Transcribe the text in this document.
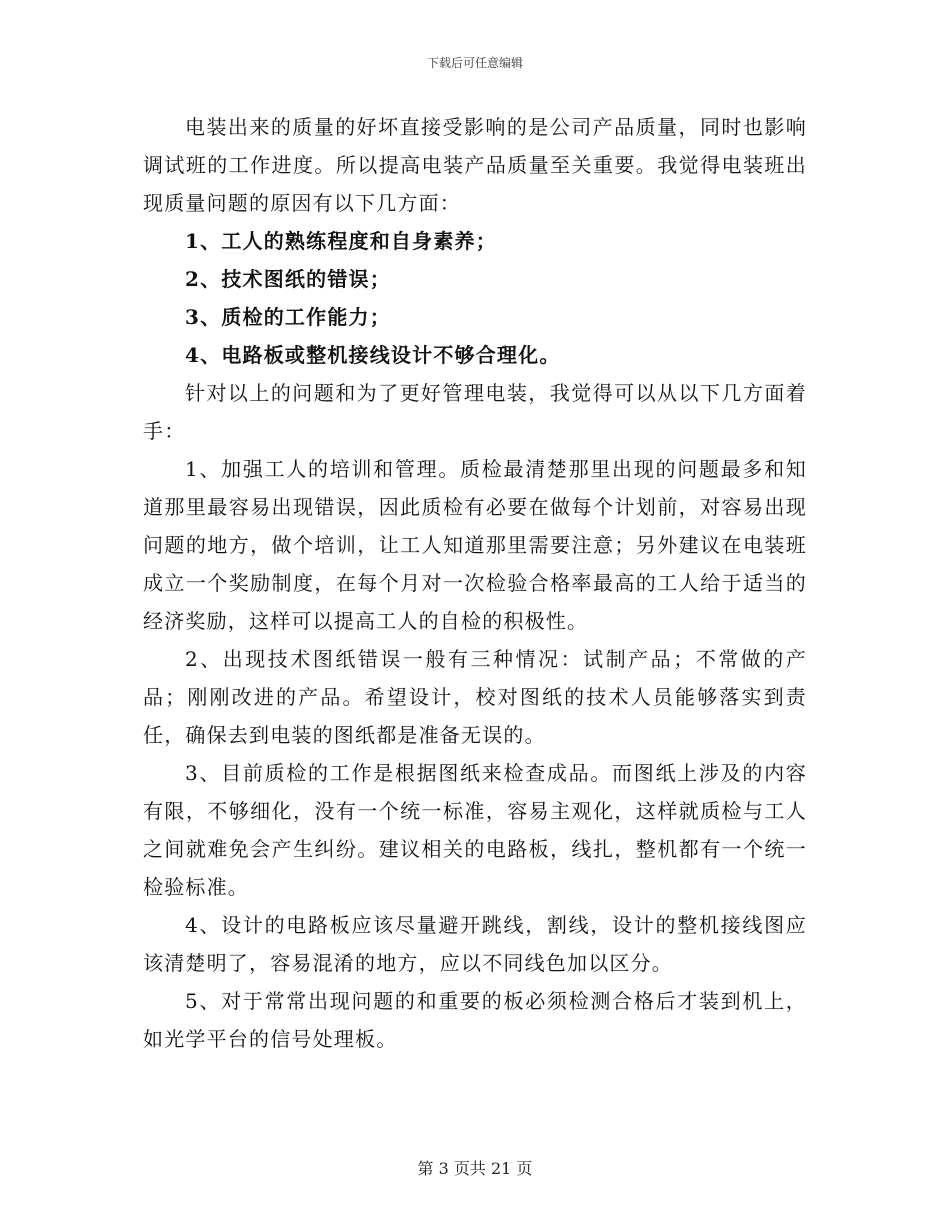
下载后可任意编辑

电装出来的质量的好坏直接受影响的是公司产品质量，同时也影响调试班的工作进度。所以提高电装产品质量至关重要。我觉得电装班出现质量问题的原因有以下几方面：

1、工人的熟练程度和自身素养；

2、技术图纸的错误；

3、质检的工作能力；

4、电路板或整机接线设计不够合理化。

针对以上的问题和为了更好管理电装，我觉得可以从以下几方面着手：

1、加强工人的培训和管理。质检最清楚那里出现的问题最多和知道那里最容易出现错误，因此质检有必要在做每个计划前，对容易出现问题的地方，做个培训，让工人知道那里需要注意；另外建议在电装班成立一个奖励制度，在每个月对一次检验合格率最高的工人给于适当的经济奖励，这样可以提高工人的自检的积极性。

2、出现技术图纸错误一般有三种情况：试制产品；不常做的产品；刚刚改进的产品。希望设计，校对图纸的技术人员能够落实到责任，确保去到电装的图纸都是准备无误的。

3、目前质检的工作是根据图纸来检查成品。而图纸上涉及的内容有限，不够细化，没有一个统一标准，容易主观化，这样就质检与工人之间就难免会产生纠纷。建议相关的电路板，线扎，整机都有一个统一检验标准。

4、设计的电路板应该尽量避开跳线，割线，设计的整机接线图应该清楚明了，容易混淆的地方，应以不同线色加以区分。

5、对于常常出现问题的和重要的板必须检测合格后才装到机上，如光学平台的信号处理板。

第 3 页共 21 页
